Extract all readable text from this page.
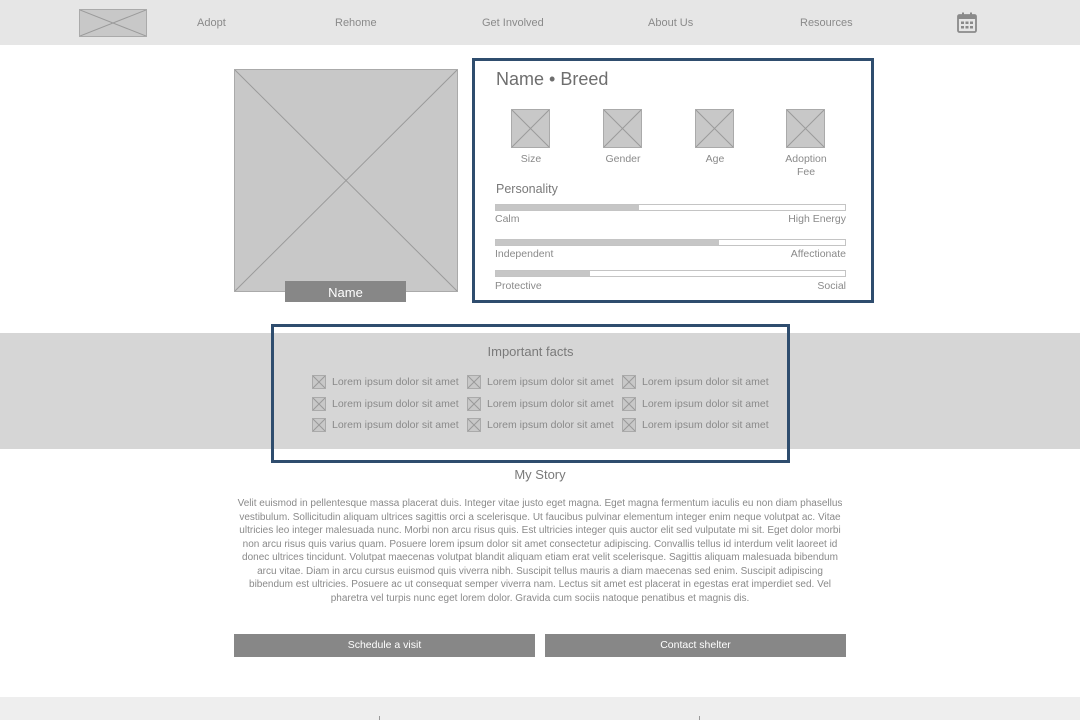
Adopt	Rehome	Get Involved	About Us	Resources
Name
Name • Breed
Size	Gender	Age	Adoption Fee
Personality
Calm	High Energy
Independent	Affectionate
Protective	Social
Important facts
Lorem ipsum dolor sit amet	Lorem ipsum dolor sit amet	Lorem ipsum dolor sit amet
Lorem ipsum dolor sit amet	Lorem ipsum dolor sit amet	Lorem ipsum dolor sit amet
Lorem ipsum dolor sit amet	Lorem ipsum dolor sit amet	Lorem ipsum dolor sit amet
My Story
Velit euismod in pellentesque massa placerat duis. Integer vitae justo eget magna. Eget magna fermentum iaculis eu non diam phasellus vestibulum. Sollicitudin aliquam ultrices sagittis orci a scelerisque. Ut faucibus pulvinar elementum integer enim neque volutpat ac. Vitae ultricies leo integer malesuada nunc. Morbi non arcu risus quis. Est ultricies integer quis auctor elit sed vulputate mi sit. Eget dolor morbi non arcu risus quis varius quam. Posuere lorem ipsum dolor sit amet consectetur adipiscing. Convallis tellus id interdum velit laoreet id donec ultrices tincidunt. Volutpat maecenas volutpat blandit aliquam etiam erat velit scelerisque. Sagittis aliquam malesuada bibendum arcu vitae. Diam in arcu cursus euismod quis viverra nibh. Suscipit tellus mauris a diam maecenas sed enim. Suscipit adipiscing bibendum est ultricies. Posuere ac ut consequat semper viverra nam. Lectus sit amet est placerat in egestas erat imperdiet sed. Vel pharetra vel turpis nunc eget lorem dolor. Gravida cum sociis natoque penatibus et magnis dis.
Schedule a visit	Contact shelter
